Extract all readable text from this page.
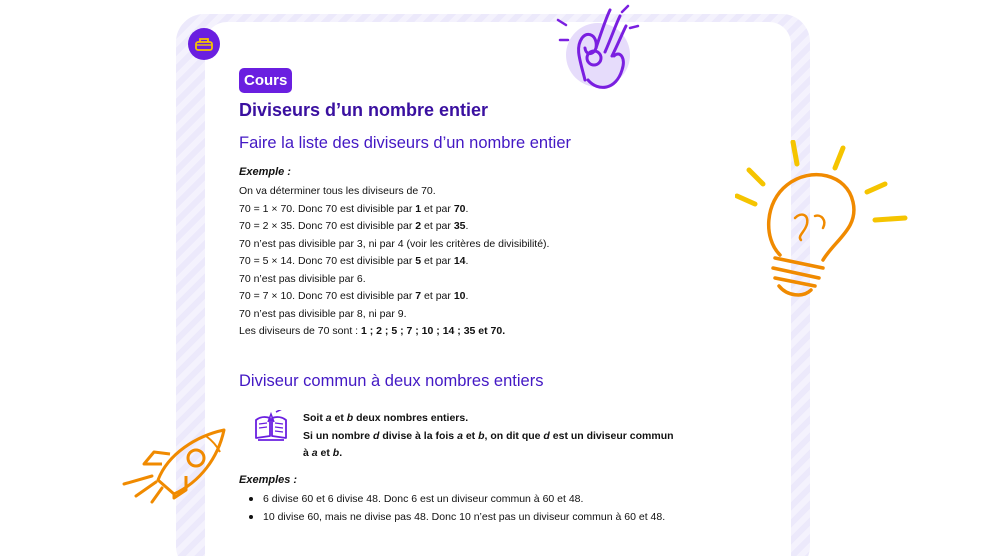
Cours
Diviseurs d’un nombre entier
Faire la liste des diviseurs d’un nombre entier
Exemple :
On va déterminer tous les diviseurs de 70.
70 = 1 × 70. Donc 70 est divisible par 1 et par 70.
70 = 2 × 35. Donc 70 est divisible par 2 et par 35.
70 n’est pas divisible par 3, ni par 4 (voir les critères de divisibilité).
70 = 5 × 14. Donc 70 est divisible par 5 et par 14.
70 n’est pas divisible par 6.
70 = 7 × 10. Donc 70 est divisible par 7 et par 10.
70 n’est pas divisible par 8, ni par 9.
Les diviseurs de 70 sont : 1 ; 2 ; 5 ; 7 ; 10 ; 14 ; 35 et 70.
Diviseur commun à deux nombres entiers
Soit a et b deux nombres entiers.
Si un nombre d divise à la fois a et b, on dit que d est un diviseur commun
à a et b.
Exemples :
6 divise 60 et 6 divise 48. Donc 6 est un diviseur commun à 60 et 48.
10 divise 60, mais ne divise pas 48. Donc 10 n’est pas un diviseur commun à 60 et 48.
